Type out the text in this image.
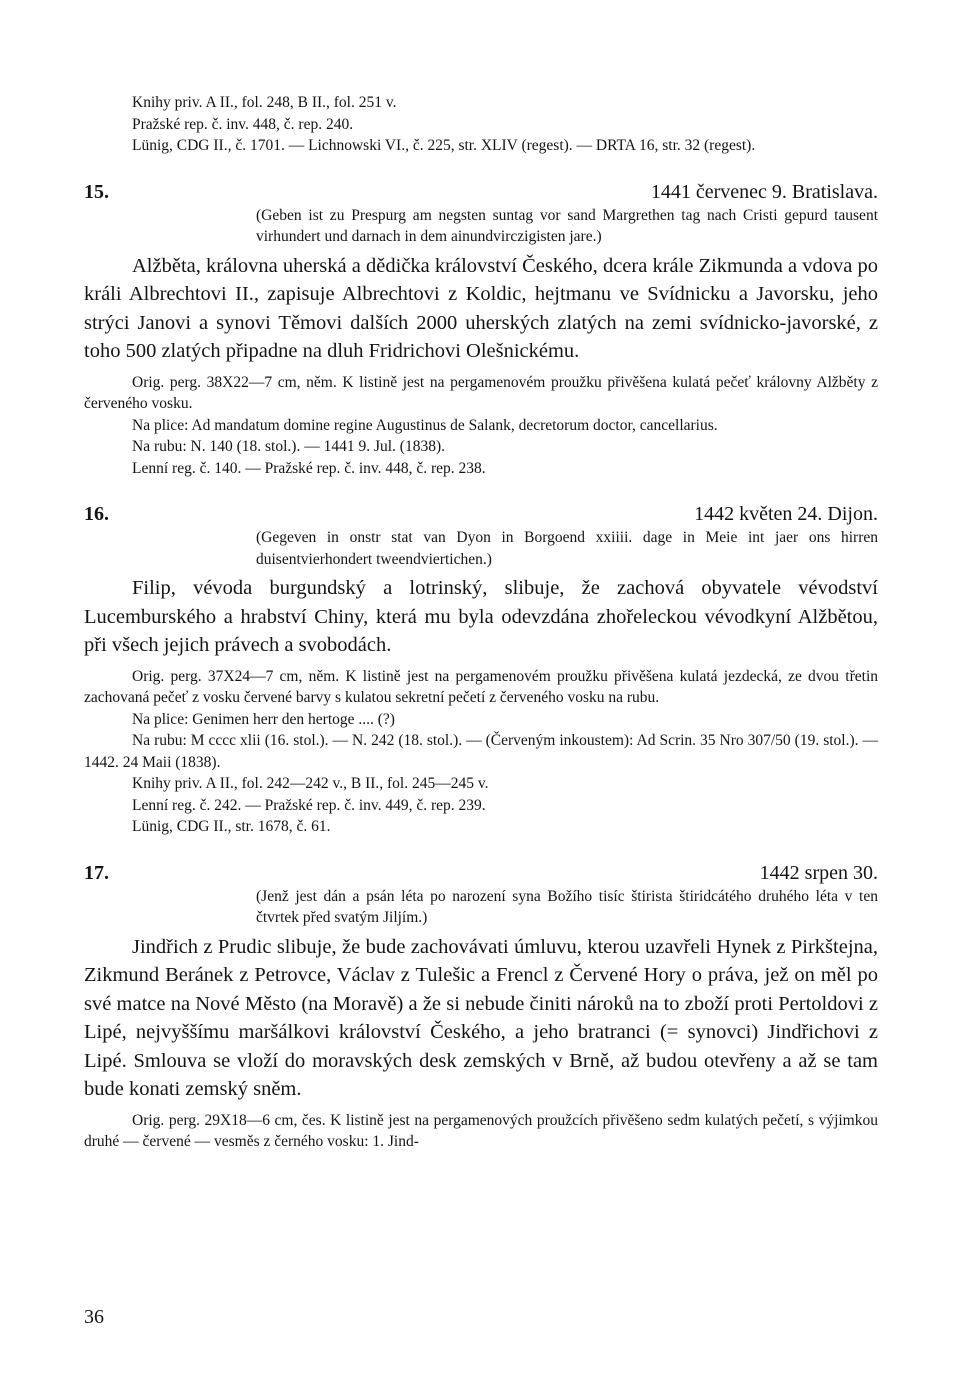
Knihy priv. A II., fol. 248, B II., fol. 251 v.

Pražské rep. č. inv. 448, č. rep. 240.

Lünig, CDG II., č. 1701. — Lichnowski VI., č. 225, str. XLIV (regest). — DRTA 16, str. 32 (regest).

15.	1441 červenec 9. Bratislava.

(Geben ist zu Prespurg am negsten suntag vor sand Margrethen tag nach Cristi gepurd tausent virhundert und darnach in dem ainundvirczigisten jare.)

Alžběta, královna uherská a dědička království Českého, dcera krále Zikmunda a vdova po králi Albrechtovi II., zapisuje Albrechtovi z Koldic, hejtmanu ve Svídnicku a Javorsku, jeho strýci Janovi a synovi Těmovi dalších 2000 uherských zlatých na zemi svídnicko-javorské, z toho 500 zlatých připadne na dluh Fridrichovi Olešnickému.

Orig. perg. 38X22—7 cm, něm. K listině jest na pergamenovém proužku přivěšena kulatá pečeť královny Alžběty z červeného vosku.

Na plice: Ad mandatum domine regine Augustinus de Salank, decretorum doctor, cancellarius.

Na rubu: N. 140 (18. stol.). — 1441 9. Jul. (1838).

Lenní reg. č. 140. — Pražské rep. č. inv. 448, č. rep. 238.

16.	1442 květen 24. Dijon.

(Gegeven in onstr stat van Dyon in Borgoend xxiiii. dage in Meie int jaer ons hirren duisentvierhondert tweendviertichen.)

Filip, vévoda burgundský a lotrinský, slibuje, že zachová obyvatele vévodství Lucemburského a hrabství Chiny, která mu byla odevzdána zhořeleckou vévodkyní Alžbětou, při všech jejich právech a svobodách.

Orig. perg. 37X24—7 cm, něm. K listině jest na pergamenovém proužku přivěšena kulatá jezdecká, ze dvou třetin zachovaná pečeť z vosku červené barvy s kulatou sekretní pečetí z červeného vosku na rubu.

Na plice: Genimen herr den hertoge .... (?)

Na rubu: M cccc xlii (16. stol.). — N. 242 (18. stol.). — (Červeným inkoustem): Ad Scrin. 35 Nro 307/50 (19. stol.). — 1442. 24 Maii (1838).

Knihy priv. A II., fol. 242—242 v., B II., fol. 245—245 v.

Lenní reg. č. 242. — Pražské rep. č. inv. 449, č. rep. 239.

Lünig, CDG II., str. 1678, č. 61.

17.	1442 srpen 30.

(Jenž jest dán a psán léta po narození syna Božího tisíc štirista štiridcátého druhého léta v ten čtvrtek před svatým Jiljím.)

Jindřich z Prudic slibuje, že bude zachovávati úmluvu, kterou uzavřeli Hynek z Pirkštejna, Zikmund Beránek z Petrovce, Václav z Tulešic a Frencl z Červené Hory o práva, jež on měl po své matce na Nové Město (na Moravě) a že si nebude činiti nároků na to zboží proti Pertoldovi z Lipé, nejvyššímu maršálkovi království Českého, a jeho bratranci (= synovci) Jindřichovi z Lipé. Smlouva se vloží do moravských desk zemských v Brně, až budou otevřeny a až se tam bude konati zemský sněm.

Orig. perg. 29X18—6 cm, čes. K listině jest na pergamenových proužcích přivěšeno sedm kulatých pečetí, s výjimkou druhé — červené — vesměs z černého vosku: 1. Jind-

36
